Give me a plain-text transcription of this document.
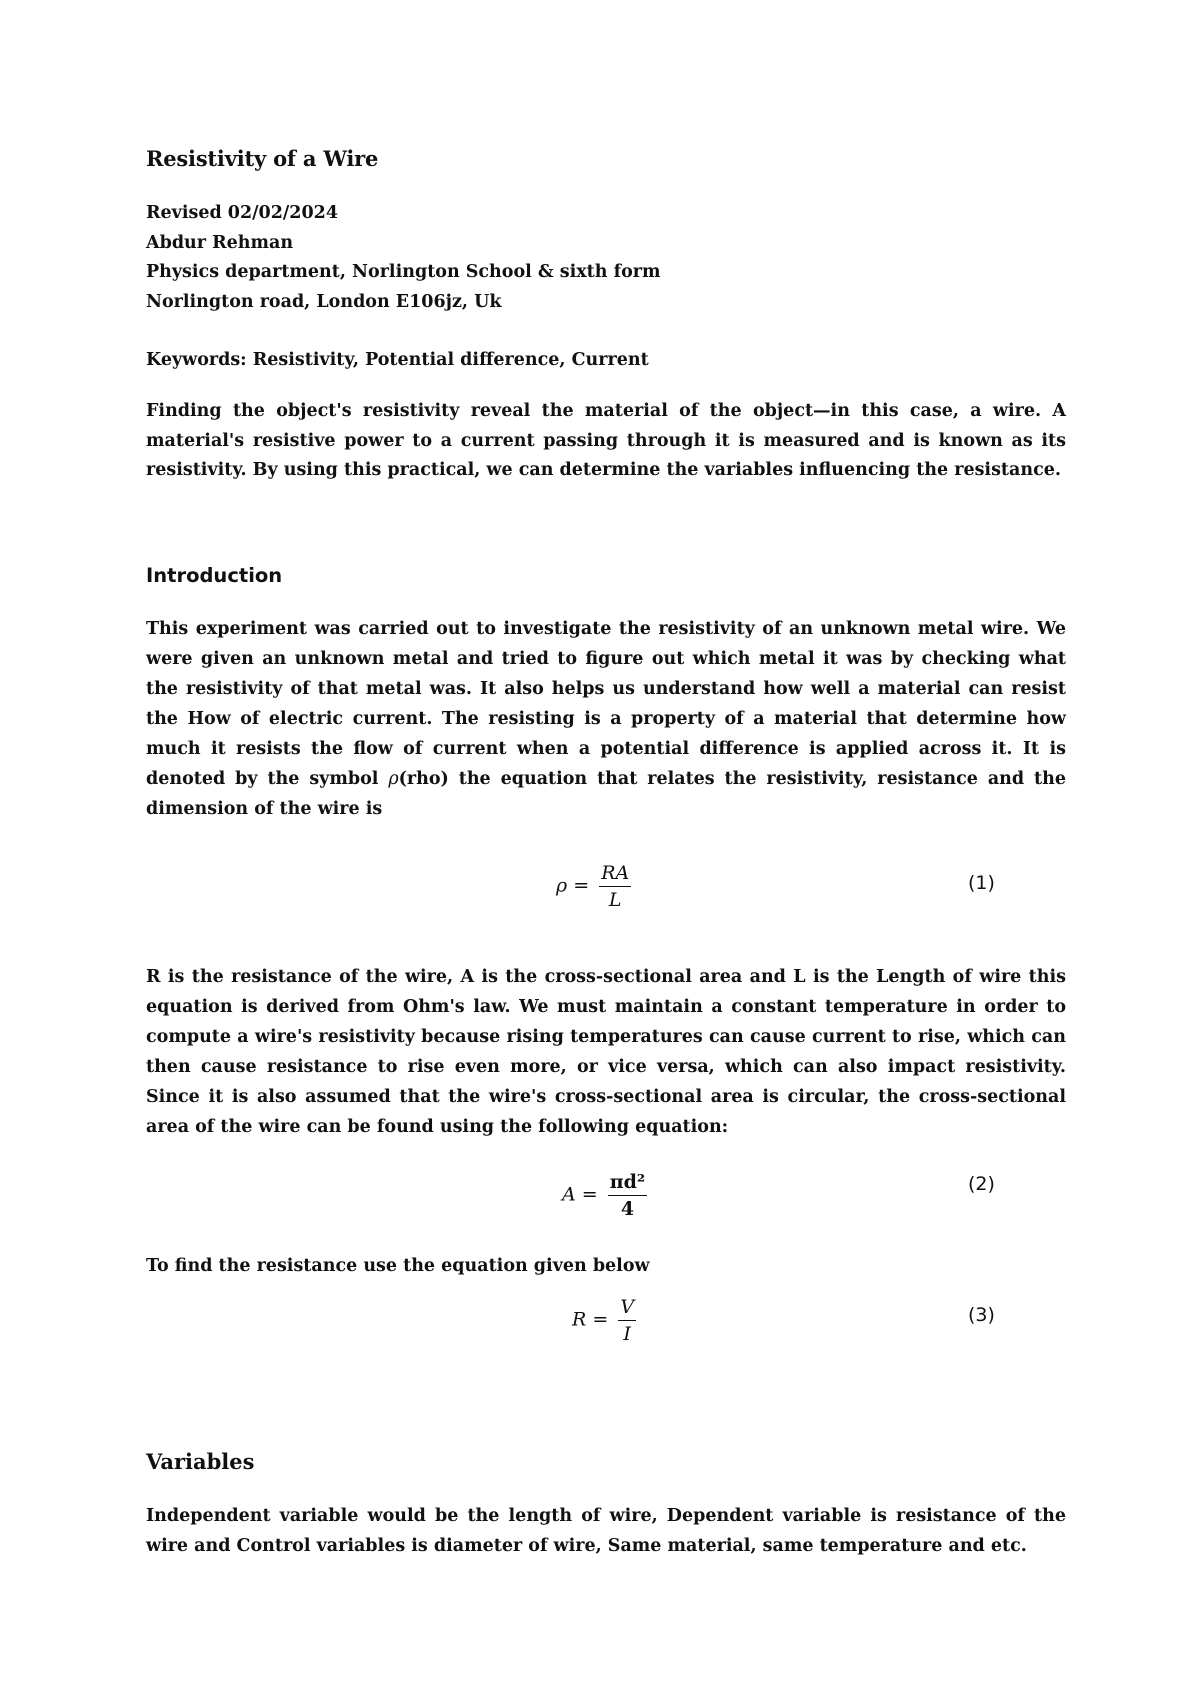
Resistivity of a Wire
Revised 02/02/2024
Abdur Rehman
Physics department, Norlington School & sixth form
Norlington road, London E106jz, Uk
Keywords: Resistivity, Potential difference, Current
Finding the object's resistivity reveal the material of the object—in this case, a wire. A material's resistive power to a current passing through it is measured and is known as its resistivity. By using this practical, we can determine the variables influencing the resistance.
Introduction
This experiment was carried out to investigate the resistivity of an unknown metal wire. We were given an unknown metal and tried to figure out which metal it was by checking what the resistivity of that metal was. It also helps us understand how well a material can resist the How of electric current. The resisting is a property of a material that determine how much it resists the flow of current when a potential difference is applied across it. It is denoted by the symbol ρ(rho) the equation that relates the resistivity, resistance and the dimension of the wire is
$\rho = \frac{RA}{L}$	(1)
R is the resistance of the wire, A is the cross-sectional area and L is the Length of wire this equation is derived from Ohm's law. We must maintain a constant temperature in order to compute a wire's resistivity because rising temperatures can cause current to rise, which can then cause resistance to rise even more, or vice versa, which can also impact resistivity. Since it is also assumed that the wire's cross-sectional area is circular, the cross-sectional area of the wire can be found using the following equation:
$A = \frac{\text{πd²}}{4}$	(2)
To find the resistance use the equation given below
$R = \frac{V}{I}$	(3)
Variables
Independent variable would be the length of wire, Dependent variable is resistance of the wire and Control variables is diameter of wire, Same material, same temperature and etc.
